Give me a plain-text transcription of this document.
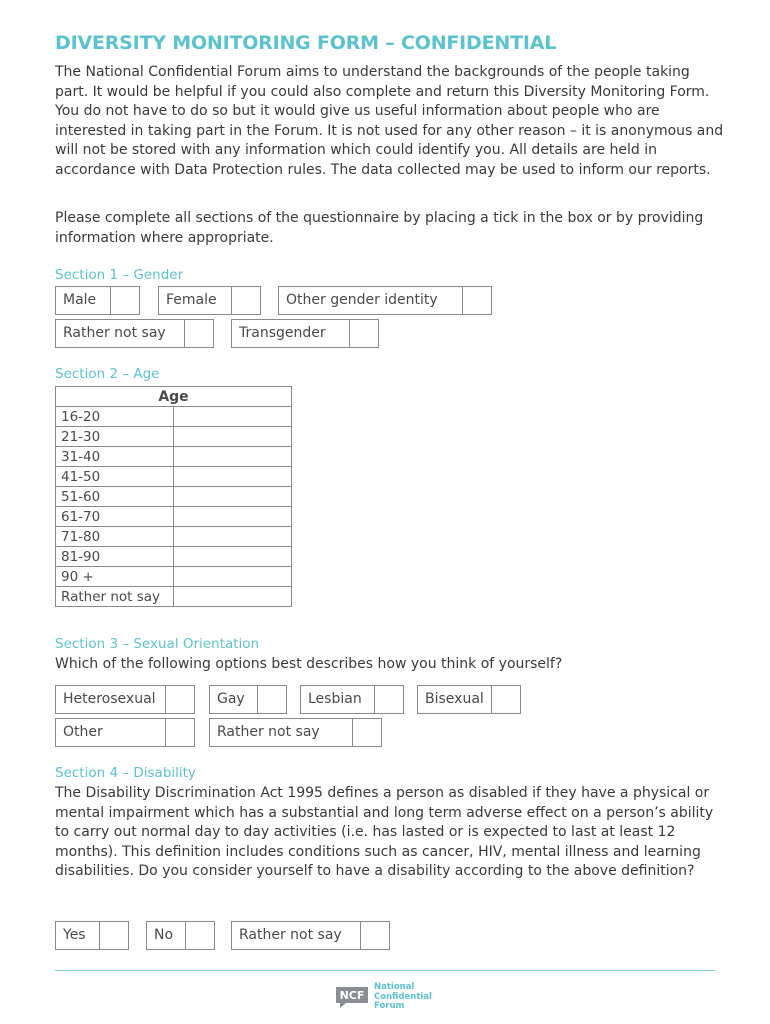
DIVERSITY MONITORING FORM – CONFIDENTIAL

The National Confidential Forum aims to understand the backgrounds of the people taking part. It would be helpful if you could also complete and return this Diversity Monitoring Form. You do not have to do so but it would give us useful information about people who are interested in taking part in the Forum. It is not used for any other reason – it is anonymous and will not be stored with any information which could identify you. All details are held in accordance with Data Protection rules. The data collected may be used to inform our reports.

Please complete all sections of the questionnaire by placing a tick in the box or by providing information where appropriate.

Section 1 – Gender
Male	Female	Other gender identity
Rather not say	Transgender
Section 2 – Age
Age	
16-20	
21-30	
31-40	
41-50	
51-60	
61-70	
71-80	
81-90	
90 +	
Rather not say	
Section 3 – Sexual Orientation

Which of the following options best describes how you think of yourself?

Heterosexual	Gay	Lesbian	Bisexual
Other	Rather not say
Section 4 – Disability

The Disability Discrimination Act 1995 defines a person as disabled if they have a physical or mental impairment which has a substantial and long term adverse effect on a person’s ability to carry out normal day to day activities (i.e. has lasted or is expected to last at least 12 months). This definition includes conditions such as cancer, HIV, mental illness and learning disabilities. Do you consider yourself to have a disability according to the above definition?

Yes	No	Rather not say
NCF
National
Confidential
Forum
